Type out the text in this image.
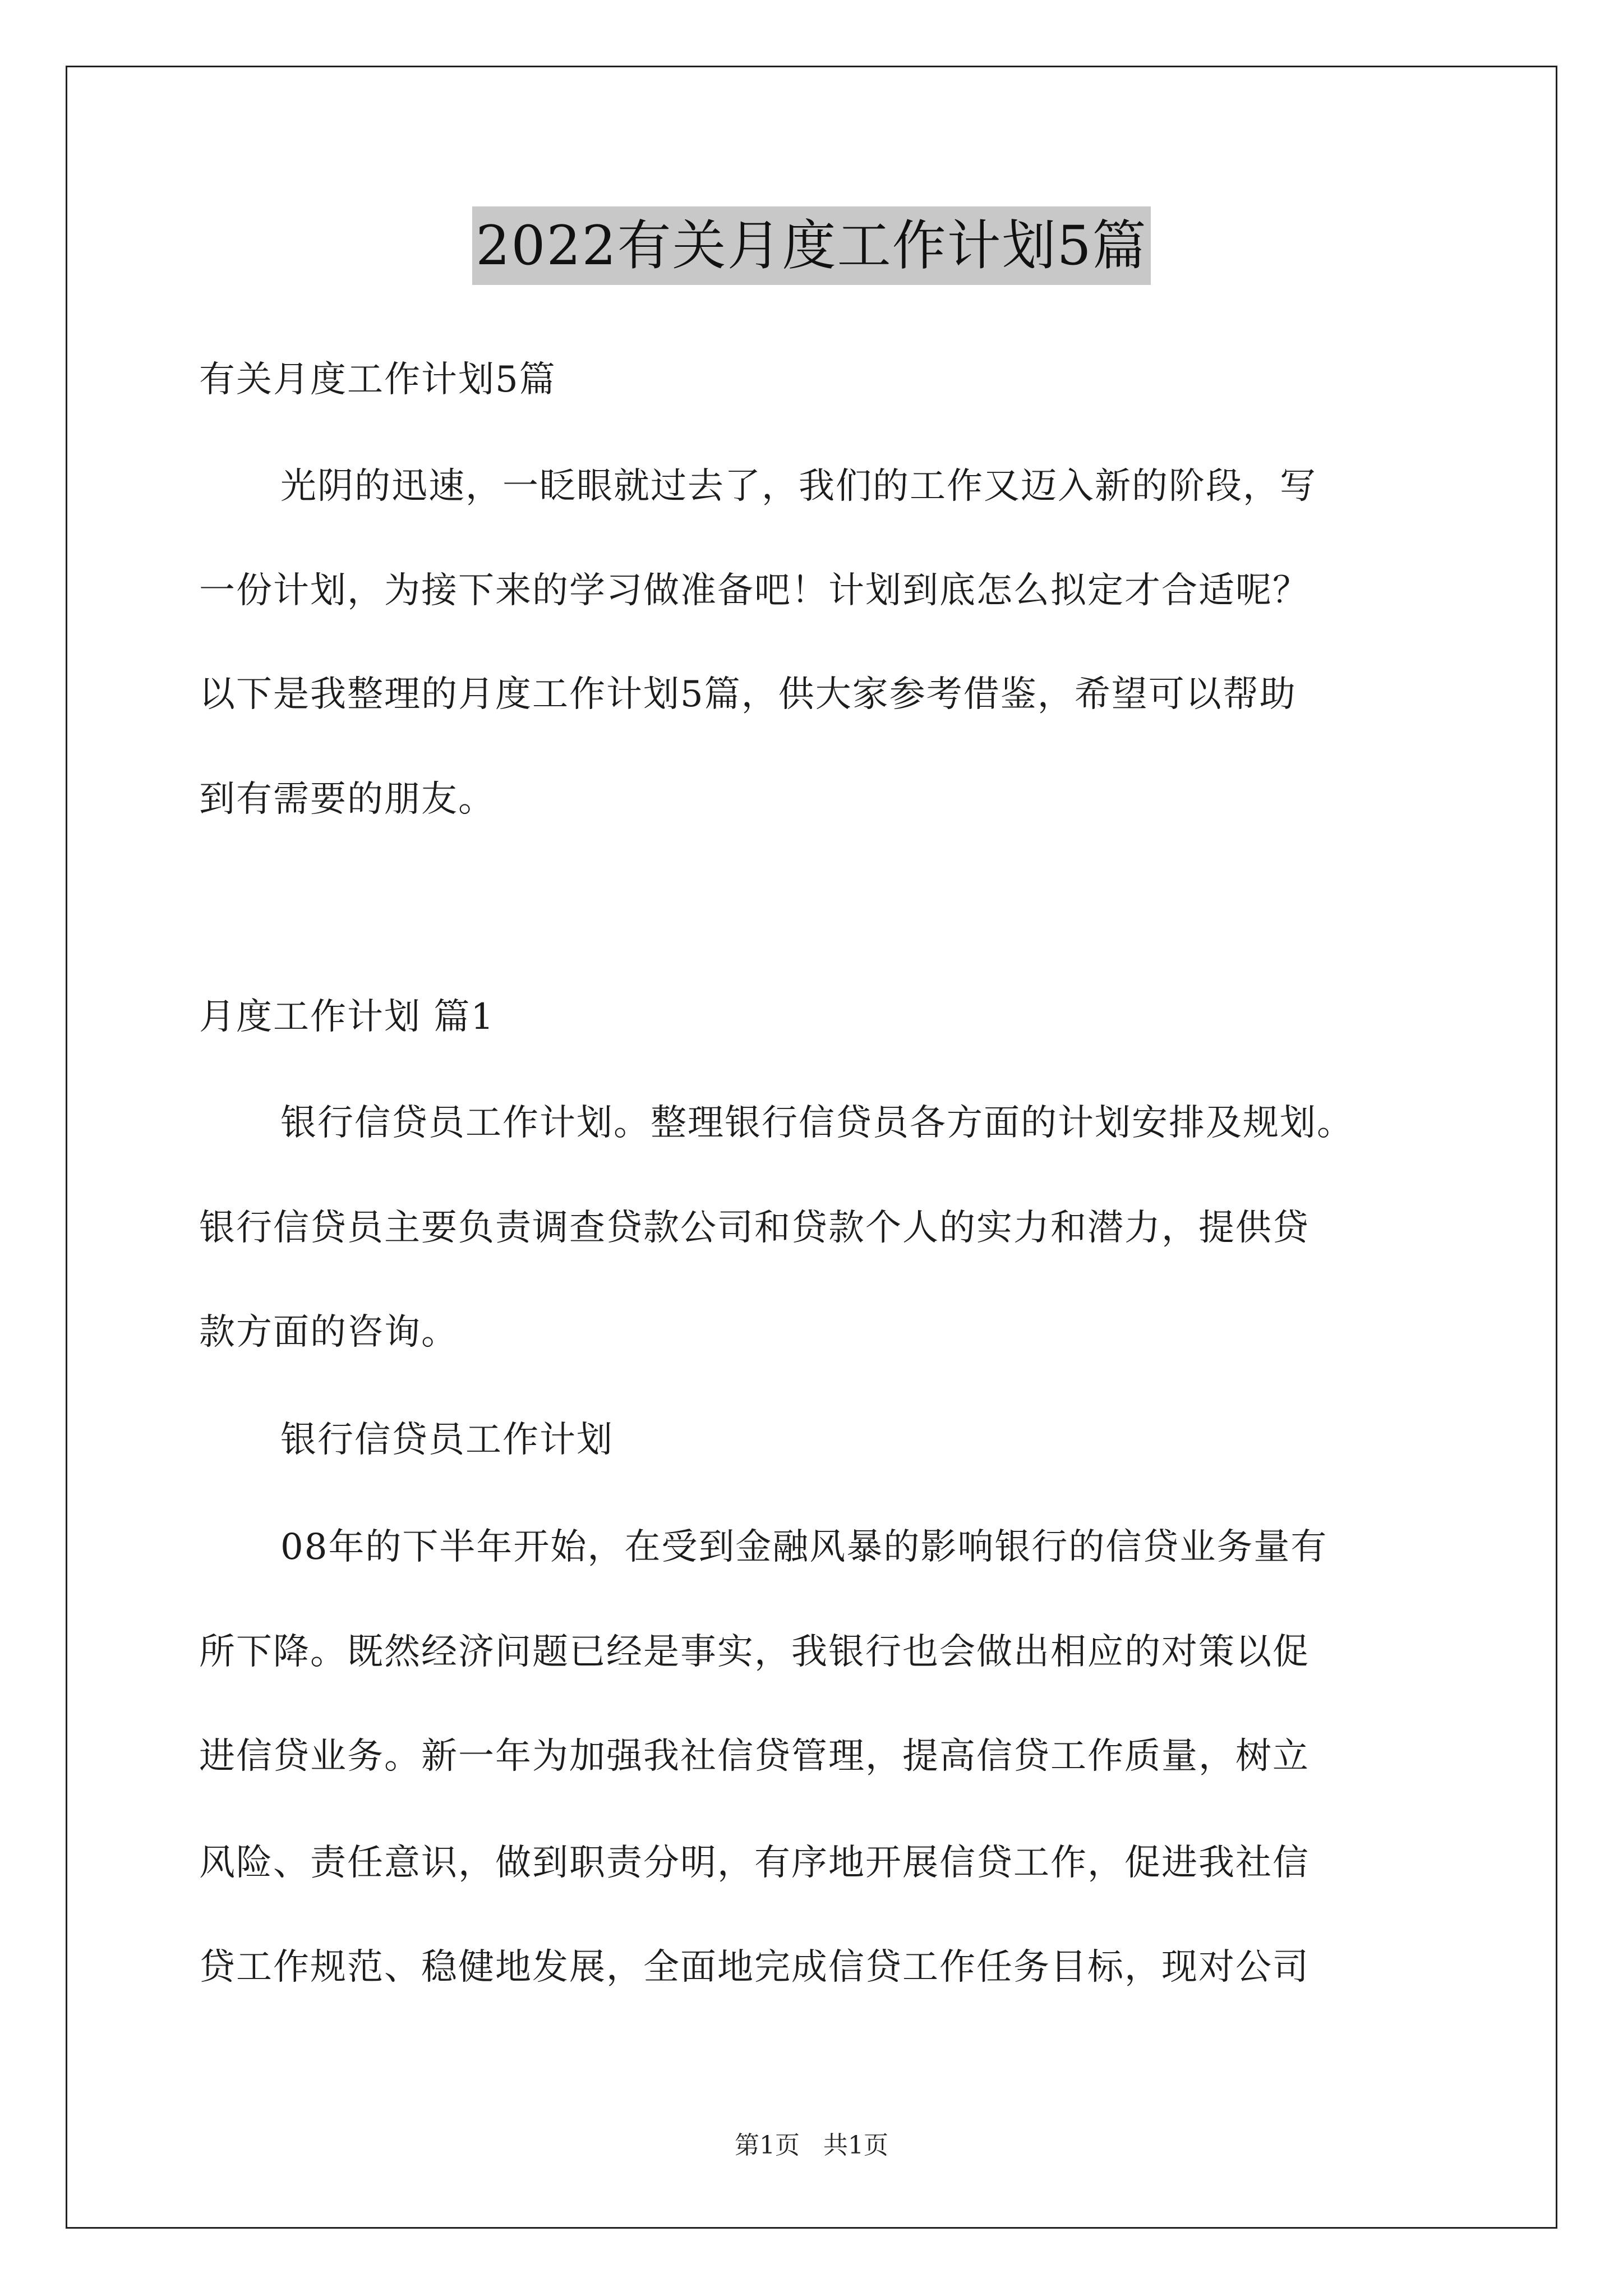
2022有关月度工作计划5篇
有关月度工作计划5篇
光阴的迅速，一眨眼就过去了，我们的工作又迈入新的阶段，写
一份计划，为接下来的学习做准备吧！计划到底怎么拟定才合适呢？
以下是我整理的月度工作计划5篇，供大家参考借鉴，希望可以帮助
到有需要的朋友。
月度工作计划 篇1
银行信贷员工作计划。整理银行信贷员各方面的计划安排及规划。
银行信贷员主要负责调查贷款公司和贷款个人的实力和潜力，提供贷
款方面的咨询。
银行信贷员工作计划
08年的下半年开始，在受到金融风暴的影响银行的信贷业务量有
所下降。既然经济问题已经是事实，我银行也会做出相应的对策以促
进信贷业务。新一年为加强我社信贷管理，提高信贷工作质量，树立
风险、责任意识，做到职责分明，有序地开展信贷工作，促进我社信
贷工作规范、稳健地发展，全面地完成信贷工作任务目标，现对公司
第1页 共1页
